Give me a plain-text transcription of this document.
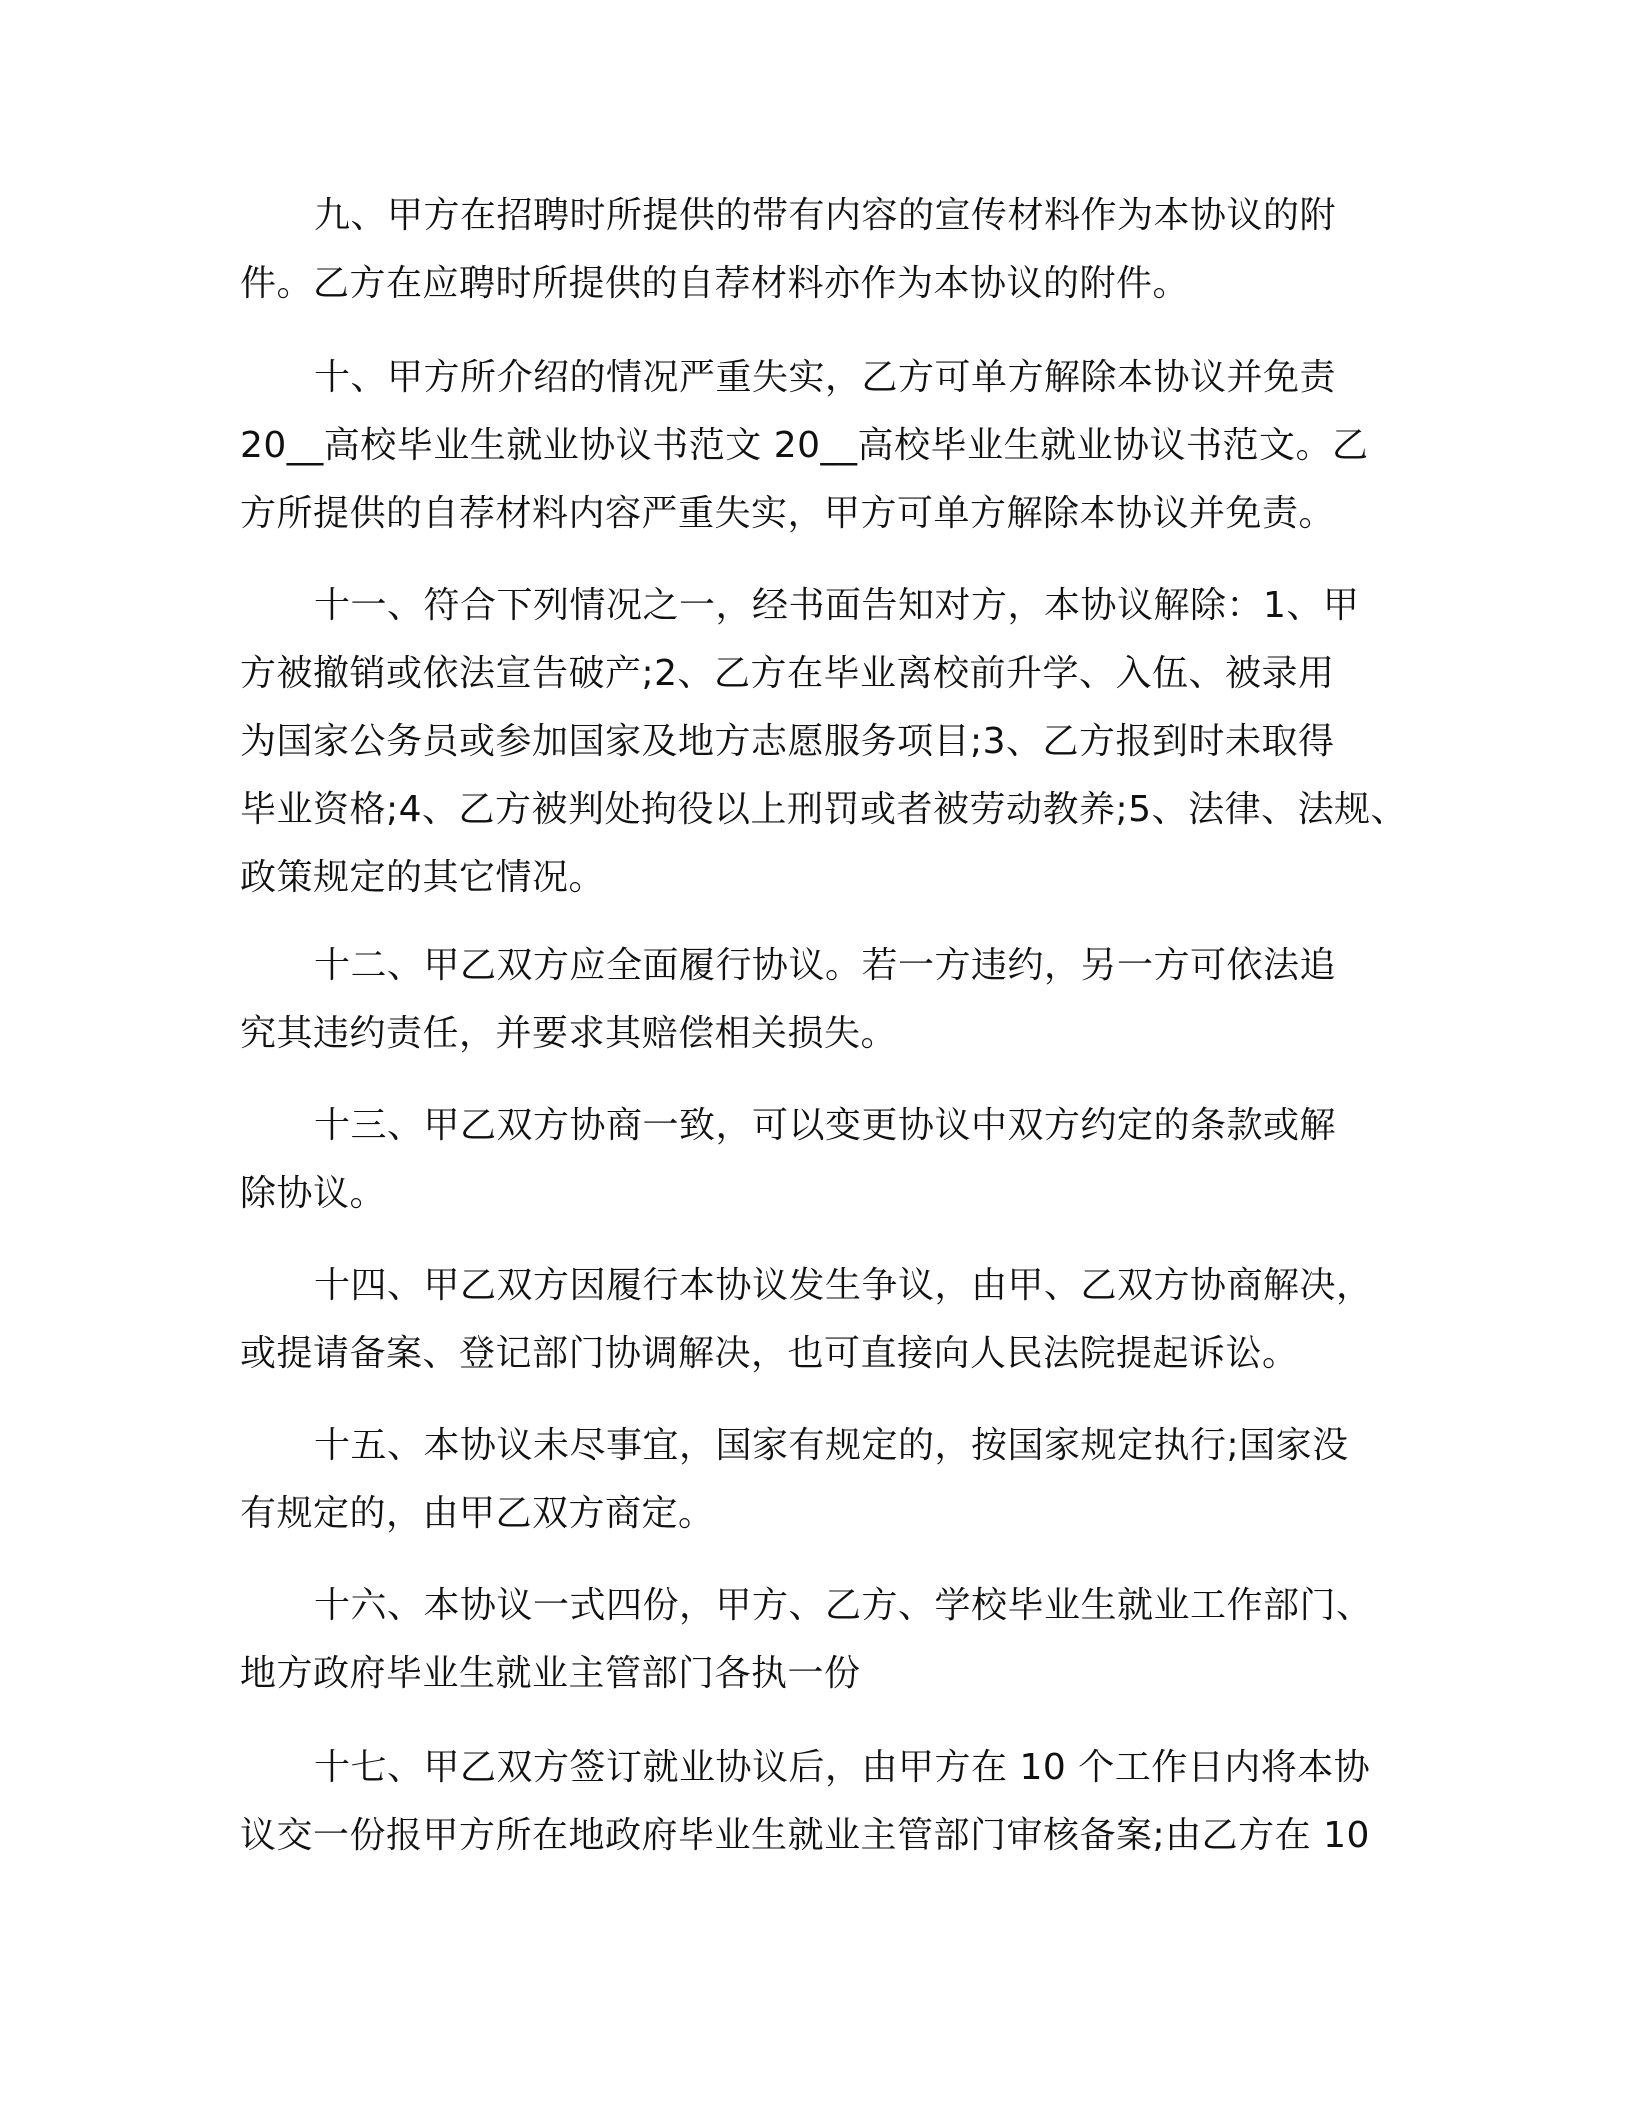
九、甲方在招聘时所提供的带有内容的宣传材料作为本协议的附
件。乙方在应聘时所提供的自荐材料亦作为本协议的附件。
十、甲方所介绍的情况严重失实，乙方可单方解除本协议并免责
20__高校毕业生就业协议书范文 20__高校毕业生就业协议书范文。乙
方所提供的自荐材料内容严重失实，甲方可单方解除本协议并免责。
十一、符合下列情况之一，经书面告知对方，本协议解除：1、甲
方被撤销或依法宣告破产;2、乙方在毕业离校前升学、入伍、被录用
为国家公务员或参加国家及地方志愿服务项目;3、乙方报到时未取得
毕业资格;4、乙方被判处拘役以上刑罚或者被劳动教养;5、法律、法规、
政策规定的其它情况。
十二、甲乙双方应全面履行协议。若一方违约，另一方可依法追
究其违约责任，并要求其赔偿相关损失。
十三、甲乙双方协商一致，可以变更协议中双方约定的条款或解
除协议。
十四、甲乙双方因履行本协议发生争议，由甲、乙双方协商解决，
或提请备案、登记部门协调解决，也可直接向人民法院提起诉讼。
十五、本协议未尽事宜，国家有规定的，按国家规定执行;国家没
有规定的，由甲乙双方商定。
十六、本协议一式四份，甲方、乙方、学校毕业生就业工作部门、
地方政府毕业生就业主管部门各执一份
十七、甲乙双方签订就业协议后，由甲方在 10 个工作日内将本协
议交一份报甲方所在地政府毕业生就业主管部门审核备案;由乙方在 10
